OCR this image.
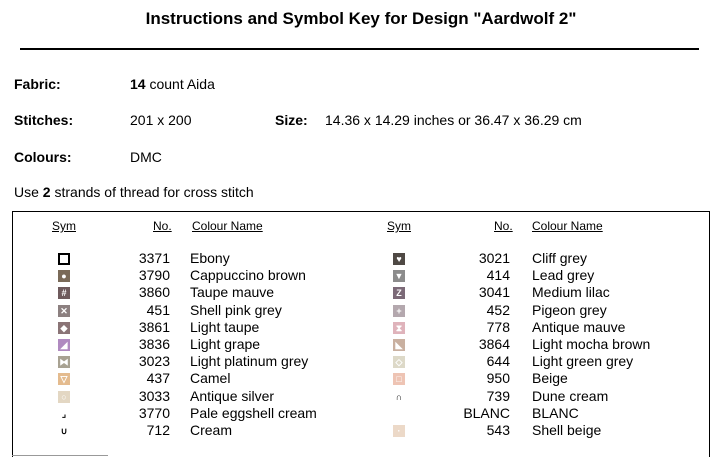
Instructions and Symbol Key for Design "Aardwolf 2"
Fabric:	14 count Aida
Stitches:	201 x 200	Size: 14.36 x 14.29 inches or 36.47 x 36.29 cm
Colours:	DMC
Use 2 strands of thread for cross stitch
Sym	No. Colour Name	Sym	No. Colour Name
3371 Ebony
●	3790 Cappuccino brown
#	3860 Taupe mauve
✕	451 Shell pink grey
◆	3861 Light taupe
◢	3836 Light grape
⧓	3023 Light platinum grey
▽	437 Camel
○	3033 Antique silver
⌟	3770 Pale eggshell cream
∪	712 Cream
♥	3021 Cliff grey
▼	414 Lead grey
Z	3041 Medium lilac
+	452 Pigeon grey
⧗	778 Antique mauve
◣	3864 Light mocha brown
◇	644 Light green grey
□	950 Beige
∩	739 Dune cream
BLANC BLANC
·	543 Shell beige
